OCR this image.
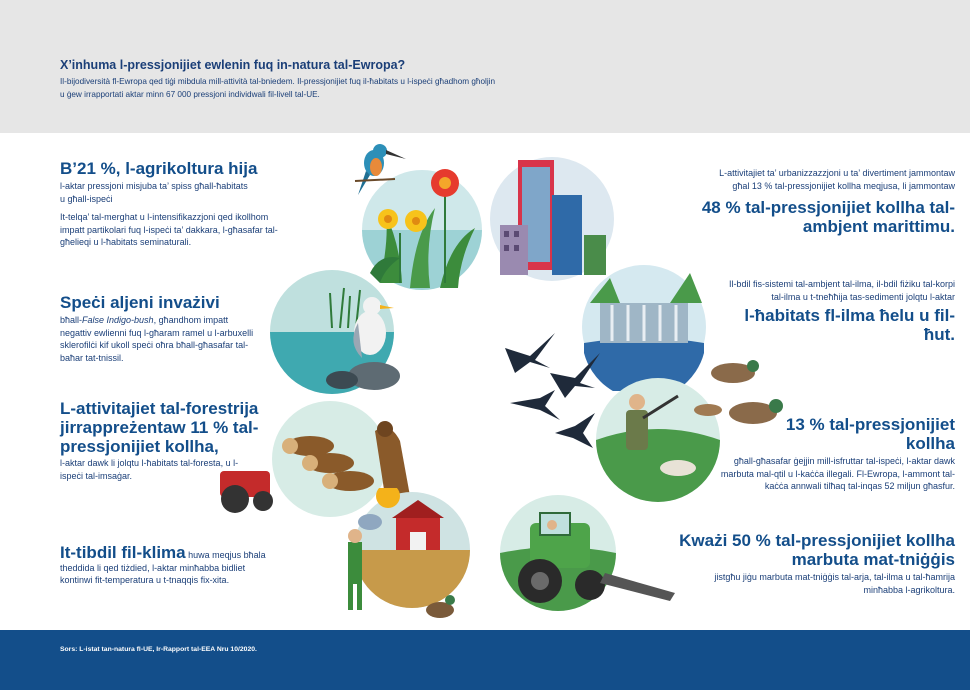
X’inhuma l-pressjonijiet ewlenin fuq in-natura tal-Ewropa?
Il-bijodiversità fl-Ewropa qed tiġi mibdula mill-attività tal-bniedem. Il-pressjonijiet fuq il-ħabitats u l-ispeċi għadhom għoljin u ġew irrapportati aktar minn 67 000 pressjoni individwali fil-livell tal-UE.
B’21 %, l-agrikoltura hija
l-aktar pressjoni misjuba ta’ spiss għall-ħabitats
u għall-ispeċi
It-telqa’ tal-merghat u l-intensifikazzjoni qed ikollhom impatt partikolari fuq l-ispeċi ta’ dakkara, l-għasafar tal-għelieqi u l-ħabitats seminaturali.
Speċi aljeni invażivi
bħall-False Indigo-bush, għandhom impatt negattiv ewlienni fuq l-għaram ramel u l-arbuxelli sklerofilċi kif ukoll speċi oħra bħall-għasafar tal-baħar tat-tnissil.
L-attivitajiet tal-forestrija jirrappreżentaw 11 % tal-pressjonijiet kollha,
l-aktar dawk li jolqtu l-ħabitats tal-foresta, u l-ispeċi tal-imsaġar.
It-tibdil fil-klima huwa meqjus bħala theddida li qed tiżdied, l-aktar minħabba bidliet kontinwi fit-temperatura u t-tnaqqis fix-xita.
L-attivitajiet ta’ urbanizzazzjoni u ta’ divertiment jammontaw għal 13 % tal-pressjonijiet kollha meqjusa, li jammontaw
48 % tal-pressjonijiet kollha tal-ambjent marittimu.
Il-bdil fis-sistemi tal-ambjent tal-ilma, il-bdil fiżiku tal-korpi tal-ilma u t-tneħħija tas-sedimenti jolqtu l-aktar
l-ħabitats fl-ilma ħelu u fil-ħut.
13 % tal-pressjonijiet kollha
għall-għasafar ġejjin mill-isfruttar tal-ispeċi, l-aktar dawk marbuta mal-qtil u l-kaċċa illegali. Fl-Ewropa, l-ammont tal-kaċċa annwali tilħaq tal-inqas 52 miljun għasfur.
Kważi 50 % tal-pressjonijiet kollha marbuta mat-tniġġis
jistgħu jiġu marbuta mat-tniġġis tal-arja, tal-ilma u tal-ħamrija minħabba l-agrikoltura.
Sors: L-istat tan-natura fl-UE, Ir-Rapport tal-EEA Nru 10/2020.
